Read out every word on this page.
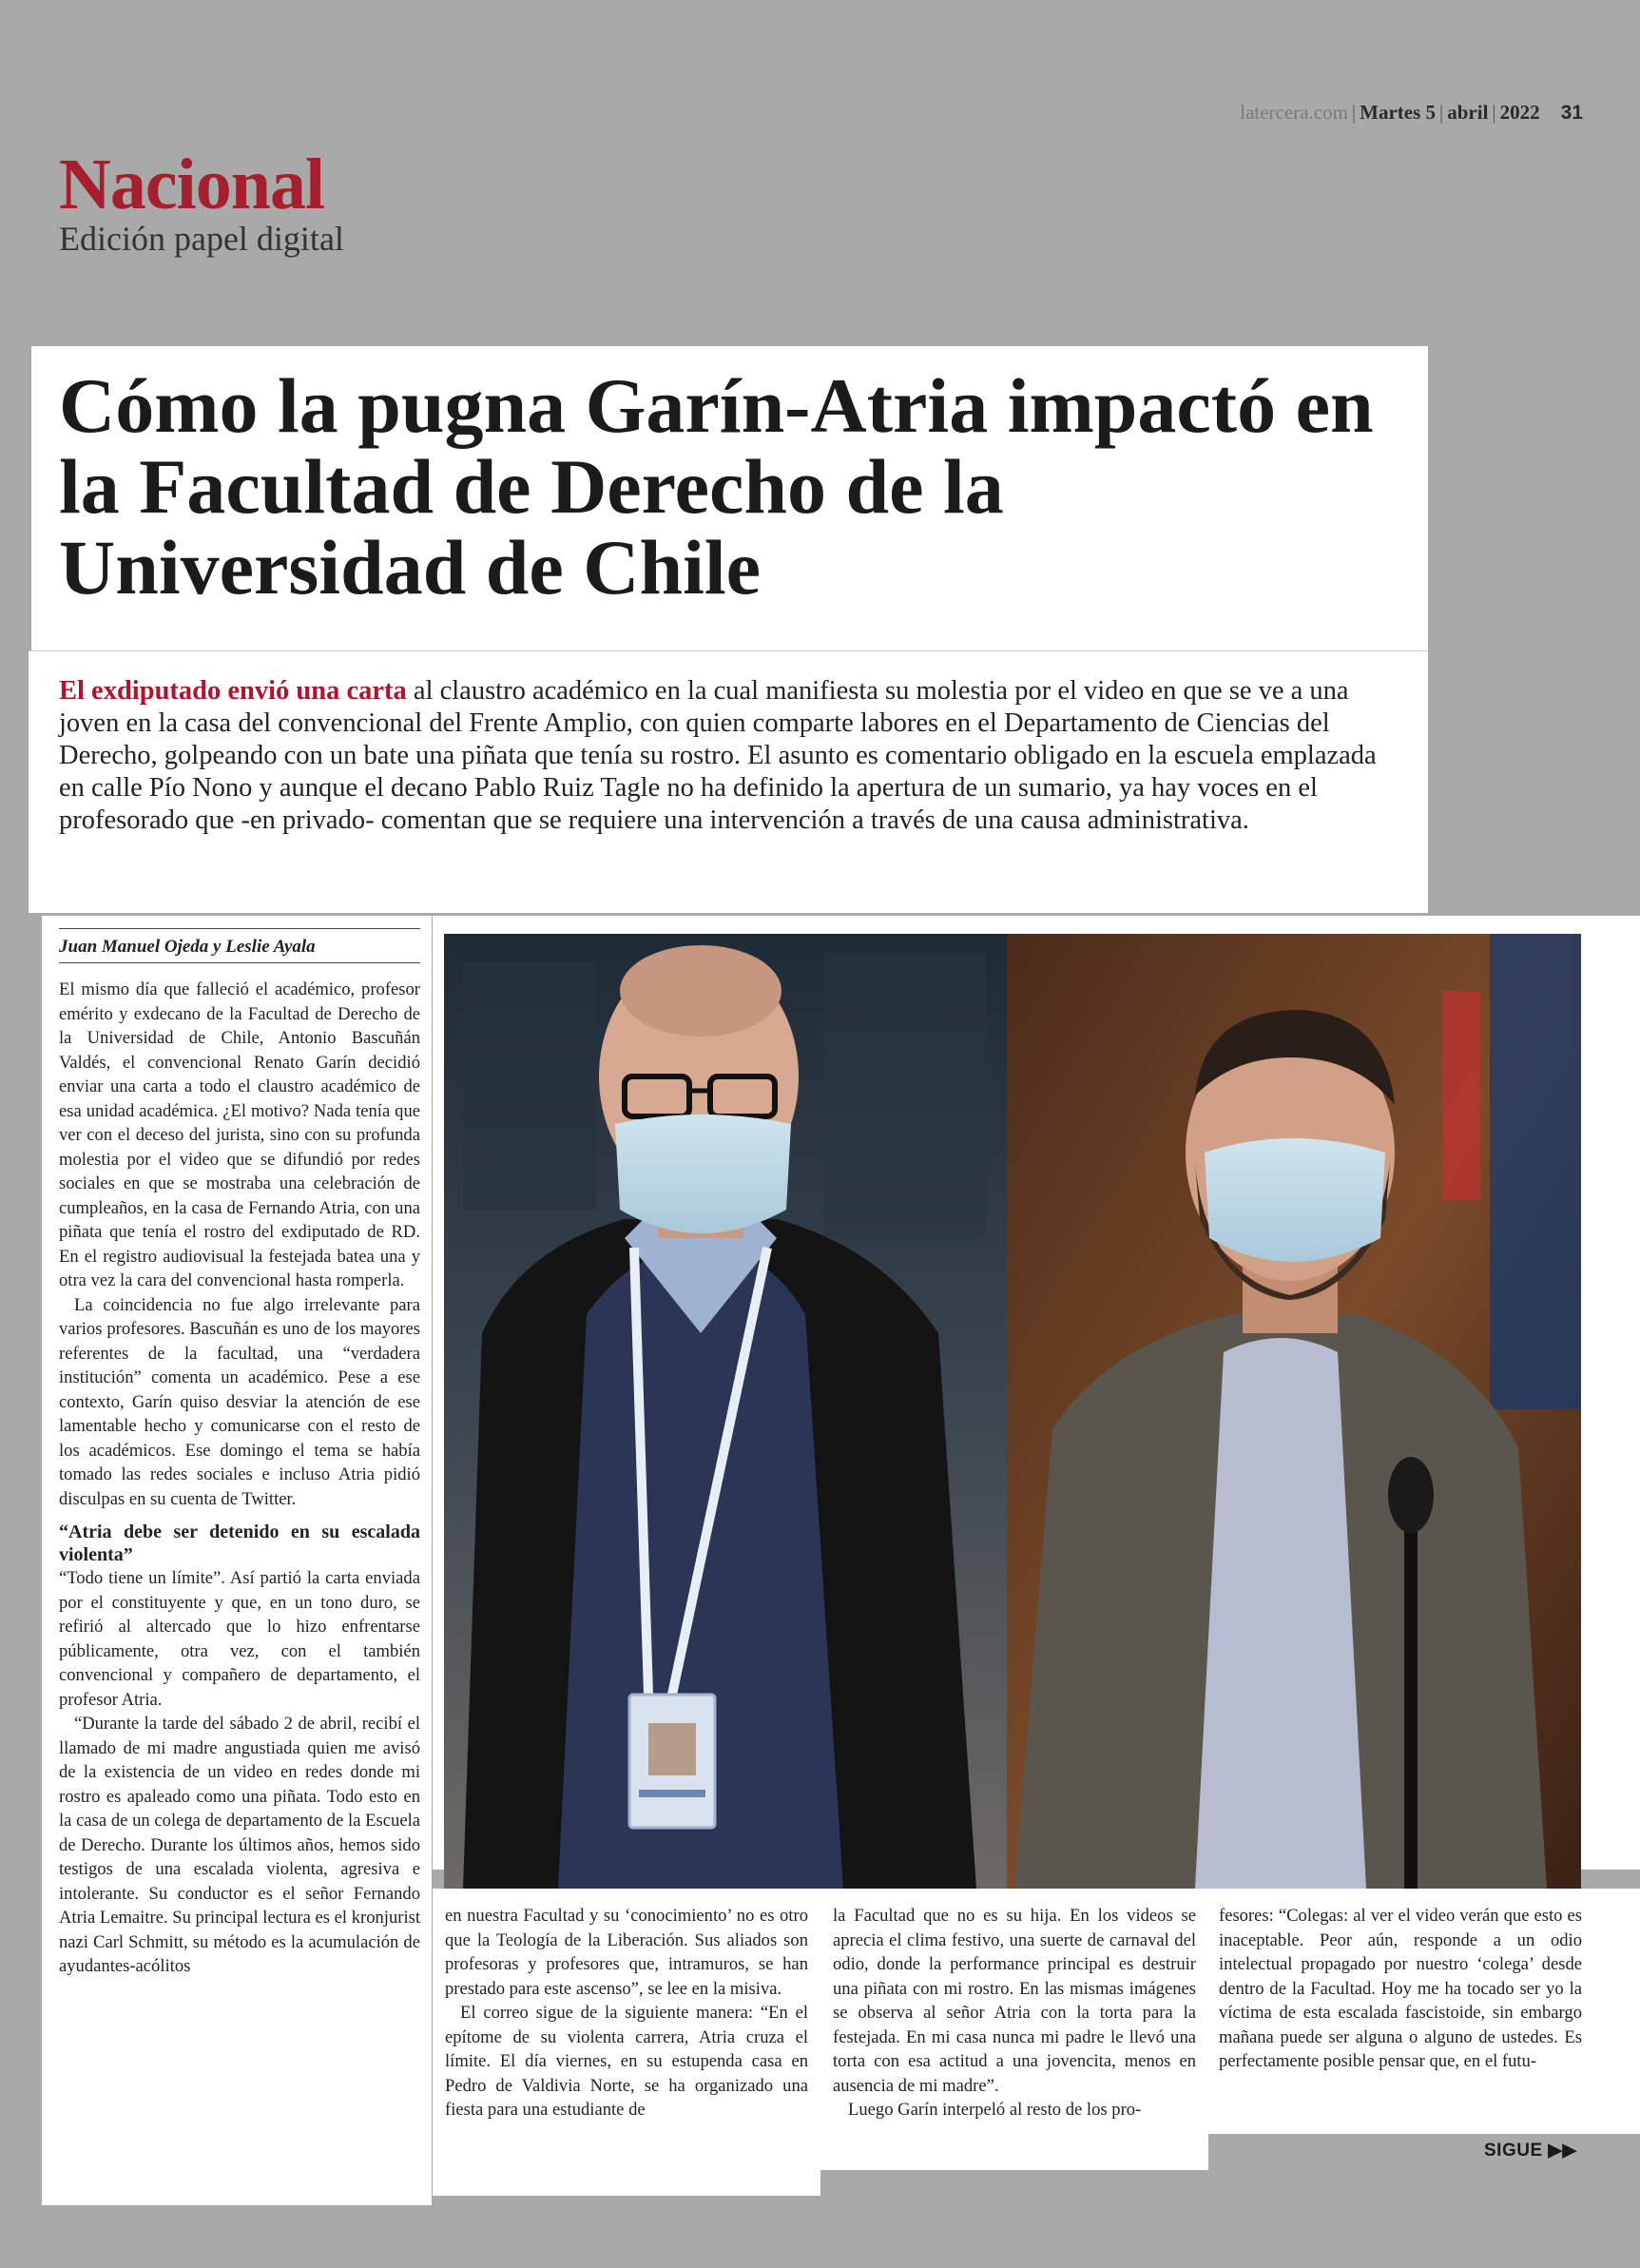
latercera.com | Martes 5 | abril | 2022 31
Nacional
Edición papel digital
Cómo la pugna Garín-Atria impactó en la Facultad de Derecho de la Universidad de Chile

El exdiputado envió una carta al claustro académico en la cual manifiesta su molestia por el video en que se ve a una joven en la casa del convencional del Frente Amplio, con quien comparte labores en el Departamento de Ciencias del Derecho, golpeando con un bate una piñata que tenía su rostro. El asunto es comentario obligado en la escuela emplazada en calle Pío Nono y aunque el decano Pablo Ruiz Tagle no ha definido la apertura de un sumario, ya hay voces en el profesorado que -en privado- comentan que se requiere una intervención a través de una causa administrativa.

Juan Manuel Ojeda y Leslie Ayala

El mismo día que falleció el académico, profesor emérito y exdecano de la Facultad de Derecho de la Universidad de Chile, Antonio Bascuñán Valdés, el convencional Renato Garín decidió enviar una carta a todo el claustro académico de esa unidad académica. ¿El motivo? Nada tenía que ver con el deceso del jurista, sino con su profunda molestia por el video que se difundió por redes sociales en que se mostraba una celebración de cumpleaños, en la casa de Fernando Atria, con una piñata que tenía el rostro del exdiputado de RD. En el registro audiovisual la festejada batea una y otra vez la cara del convencional hasta romperla.

La coincidencia no fue algo irrelevante para varios profesores. Bascuñán es uno de los mayores referentes de la facultad, una “verdadera institución” comenta un académico. Pese a ese contexto, Garín quiso desviar la atención de ese lamentable hecho y comunicarse con el resto de los académicos. Ese domingo el tema se había tomado las redes sociales e incluso Atria pidió disculpas en su cuenta de Twitter.

“Atria debe ser detenido en su escalada violenta”

“Todo tiene un límite”. Así partió la carta enviada por el constituyente y que, en un tono duro, se refirió al altercado que lo hizo enfrentarse públicamente, otra vez, con el también convencional y compañero de departamento, el profesor Atria.

“Durante la tarde del sábado 2 de abril, recibí el llamado de mi madre angustiada quien me avisó de la existencia de un video en redes donde mi rostro es apaleado como una piñata. Todo esto en la casa de un colega de departamento de la Escuela de Derecho. Durante los últimos años, hemos sido testigos de una escalada violenta, agresiva e intolerante. Su conductor es el señor Fernando Atria Lemaitre. Su principal lectura es el kronjurist nazi Carl Schmitt, su método es la acumulación de ayudantes-acólitos

en nuestra Facultad y su ‘conocimiento’ no es otro que la Teología de la Liberación. Sus aliados son profesoras y profesores que, intramuros, se han prestado para este ascenso”, se lee en la misiva.

El correo sigue de la siguiente manera: “En el epítome de su violenta carrera, Atria cruza el límite. El día viernes, en su estupenda casa en Pedro de Valdivia Norte, se ha organizado una fiesta para una estudiante de

la Facultad que no es su hija. En los videos se aprecia el clima festivo, una suerte de carnaval del odio, donde la performance principal es destruir una piñata con mi rostro. En las mismas imágenes se observa al señor Atria con la torta para la festejada. En mi casa nunca mi padre le llevó una torta con esa actitud a una jovencita, menos en ausencia de mi madre”.

Luego Garín interpeló al resto de los pro-

fesores: “Colegas: al ver el video verán que esto es inaceptable. Peor aún, responde a un odio intelectual propagado por nuestro ‘colega’ desde dentro de la Facultad. Hoy me ha tocado ser yo la víctima de esta escalada fascistoide, sin embargo mañana puede ser alguna o alguno de ustedes. Es perfectamente posible pensar que, en el futu-

SIGUE ▶▶
